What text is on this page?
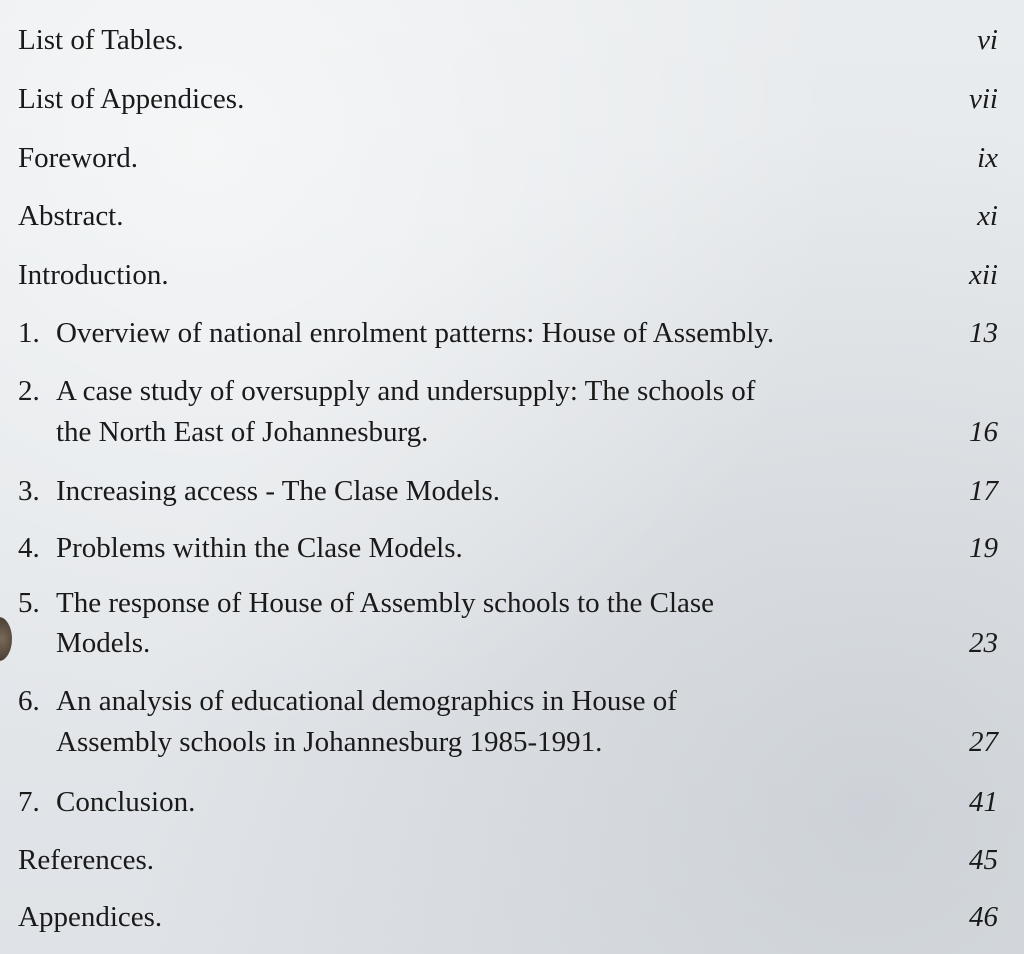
List of Tables.	vi
List of Appendices.	vii
Foreword.	ix
Abstract.	xi
Introduction.	xii
1. Overview of national enrolment patterns: House of Assembly.	13
2. A case study of oversupply and undersupply: The schools of
the North East of Johannesburg.	16
3. Increasing access - The Clase Models.	17
4. Problems within the Clase Models.	19
5. The response of House of Assembly schools to the Clase
Models.	23
6. An analysis of educational demographics in House of
Assembly schools in Johannesburg 1985-1991.	27
7. Conclusion.	41
References.	45
Appendices.	46
